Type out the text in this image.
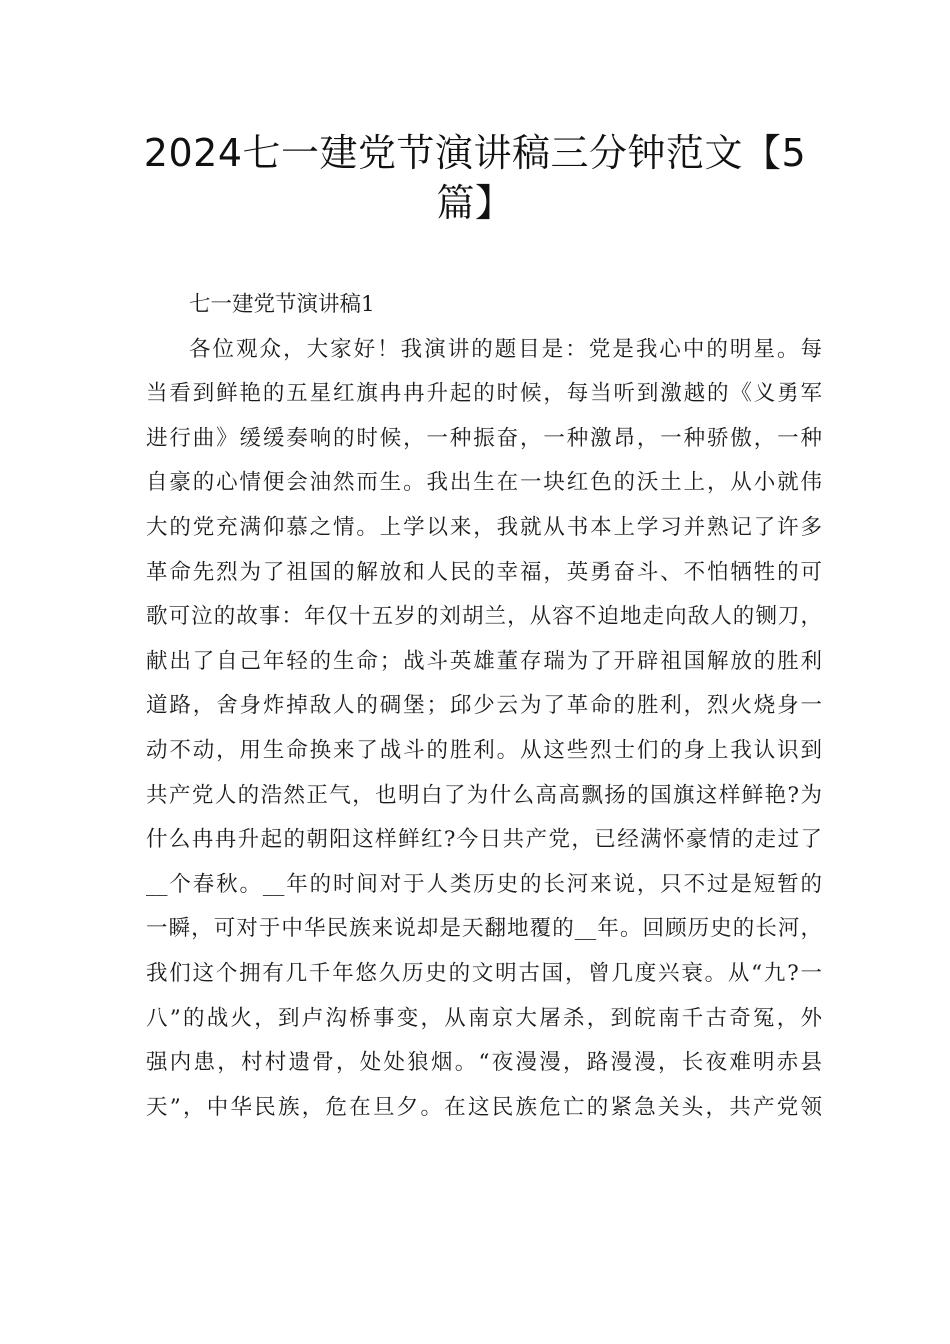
2024七一建党节演讲稿三分钟范文【5
篇】
七一建党节演讲稿1
各位观众，大家好！我演讲的题目是：党是我心中的明星。每
当看到鲜艳的五星红旗冉冉升起的时候，每当听到激越的《义勇军
进行曲》缓缓奏响的时候，一种振奋，一种激昂，一种骄傲，一种
自豪的心情便会油然而生。我出生在一块红色的沃土上，从小就伟
大的党充满仰慕之情。上学以来，我就从书本上学习并熟记了许多
革命先烈为了祖国的解放和人民的幸福，英勇奋斗、不怕牺牲的可
歌可泣的故事：年仅十五岁的刘胡兰，从容不迫地走向敌人的铡刀，
献出了自己年轻的生命；战斗英雄董存瑞为了开辟祖国解放的胜利
道路，舍身炸掉敌人的碉堡；邱少云为了革命的胜利，烈火烧身一
动不动，用生命换来了战斗的胜利。从这些烈士们的身上我认识到
共产党人的浩然正气，也明白了为什么高高飘扬的国旗这样鲜艳?为
什么冉冉升起的朝阳这样鲜红?今日共产党，已经满怀豪情的走过了
__个春秋。__年的时间对于人类历史的长河来说，只不过是短暂的
一瞬，可对于中华民族来说却是天翻地覆的__年。回顾历史的长河，
我们这个拥有几千年悠久历史的文明古国，曾几度兴衰。从“九?一
八”的战火，到卢沟桥事变，从南京大屠杀，到皖南千古奇冤，外
强内患，村村遗骨，处处狼烟。“夜漫漫，路漫漫，长夜难明赤县
天”，中华民族，危在旦夕。在这民族危亡的紧急关头，共产党领
